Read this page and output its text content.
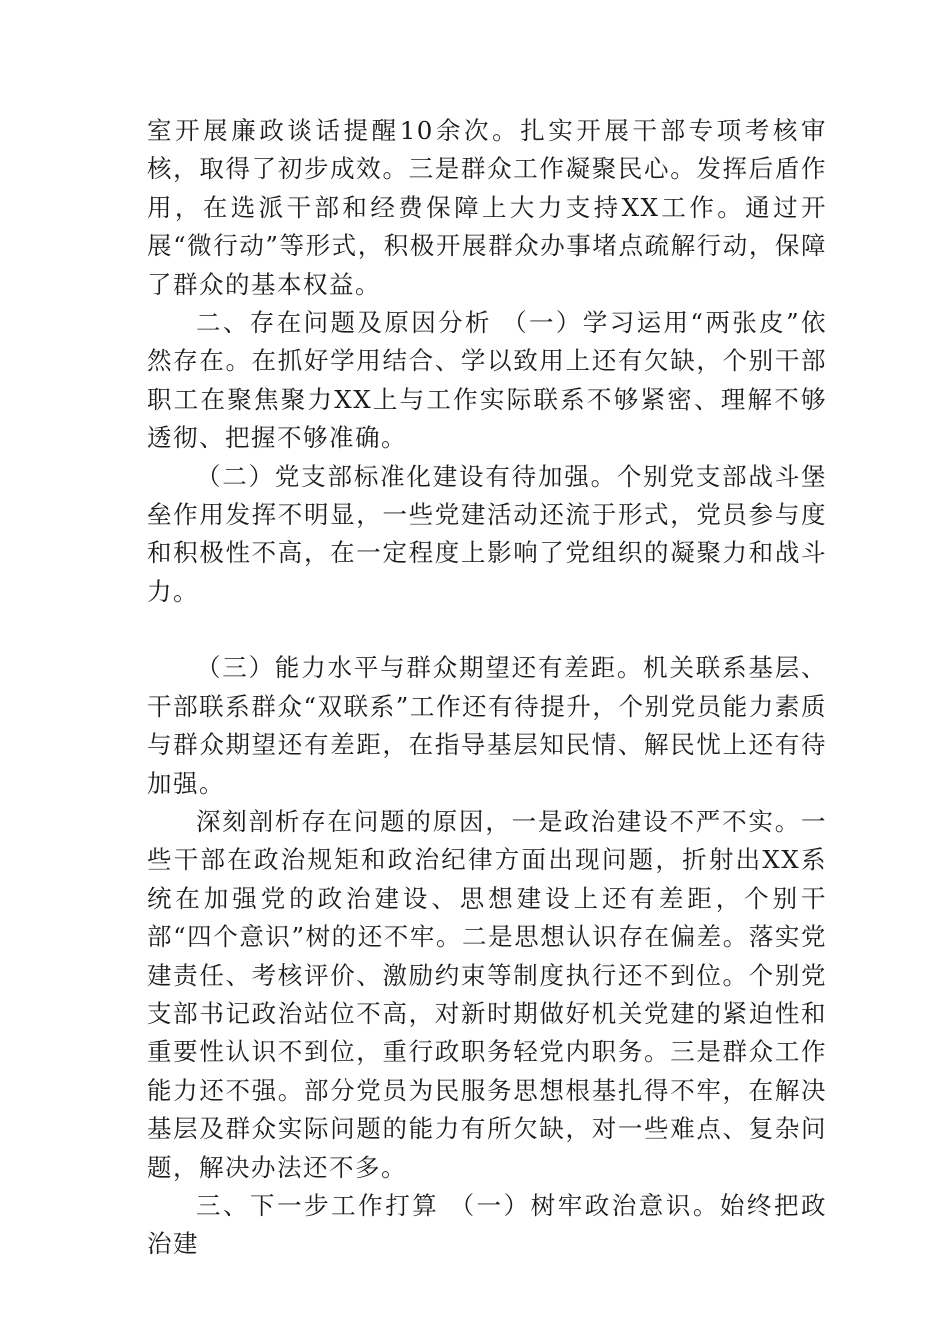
室开展廉政谈话提醒10余次。扎实开展干部专项考核审核，取得了初步成效。三是群众工作凝聚民心。发挥后盾作用，在选派干部和经费保障上大力支持XX工作。通过开展“微行动”等形式，积极开展群众办事堵点疏解行动，保障了群众的基本权益。

二、存在问题及原因分析 （一）学习运用“两张皮”依然存在。在抓好学用结合、学以致用上还有欠缺，个别干部职工在聚焦聚力XX上与工作实际联系不够紧密、理解不够透彻、把握不够准确。

（二）党支部标准化建设有待加强。个别党支部战斗堡垒作用发挥不明显，一些党建活动还流于形式，党员参与度和积极性不高，在一定程度上影响了党组织的凝聚力和战斗力。

（三）能力水平与群众期望还有差距。机关联系基层、干部联系群众“双联系”工作还有待提升，个别党员能力素质与群众期望还有差距，在指导基层知民情、解民忧上还有待加强。

深刻剖析存在问题的原因，一是政治建设不严不实。一些干部在政治规矩和政治纪律方面出现问题，折射出XX系统在加强党的政治建设、思想建设上还有差距，个别干部“四个意识”树的还不牢。二是思想认识存在偏差。落实党建责任、考核评价、激励约束等制度执行还不到位。个别党支部书记政治站位不高，对新时期做好机关党建的紧迫性和重要性认识不到位，重行政职务轻党内职务。三是群众工作能力还不强。部分党员为民服务思想根基扎得不牢，在解决基层及群众实际问题的能力有所欠缺，对一些难点、复杂问题，解决办法还不多。

三、下一步工作打算 （一）树牢政治意识。始终把政治建
